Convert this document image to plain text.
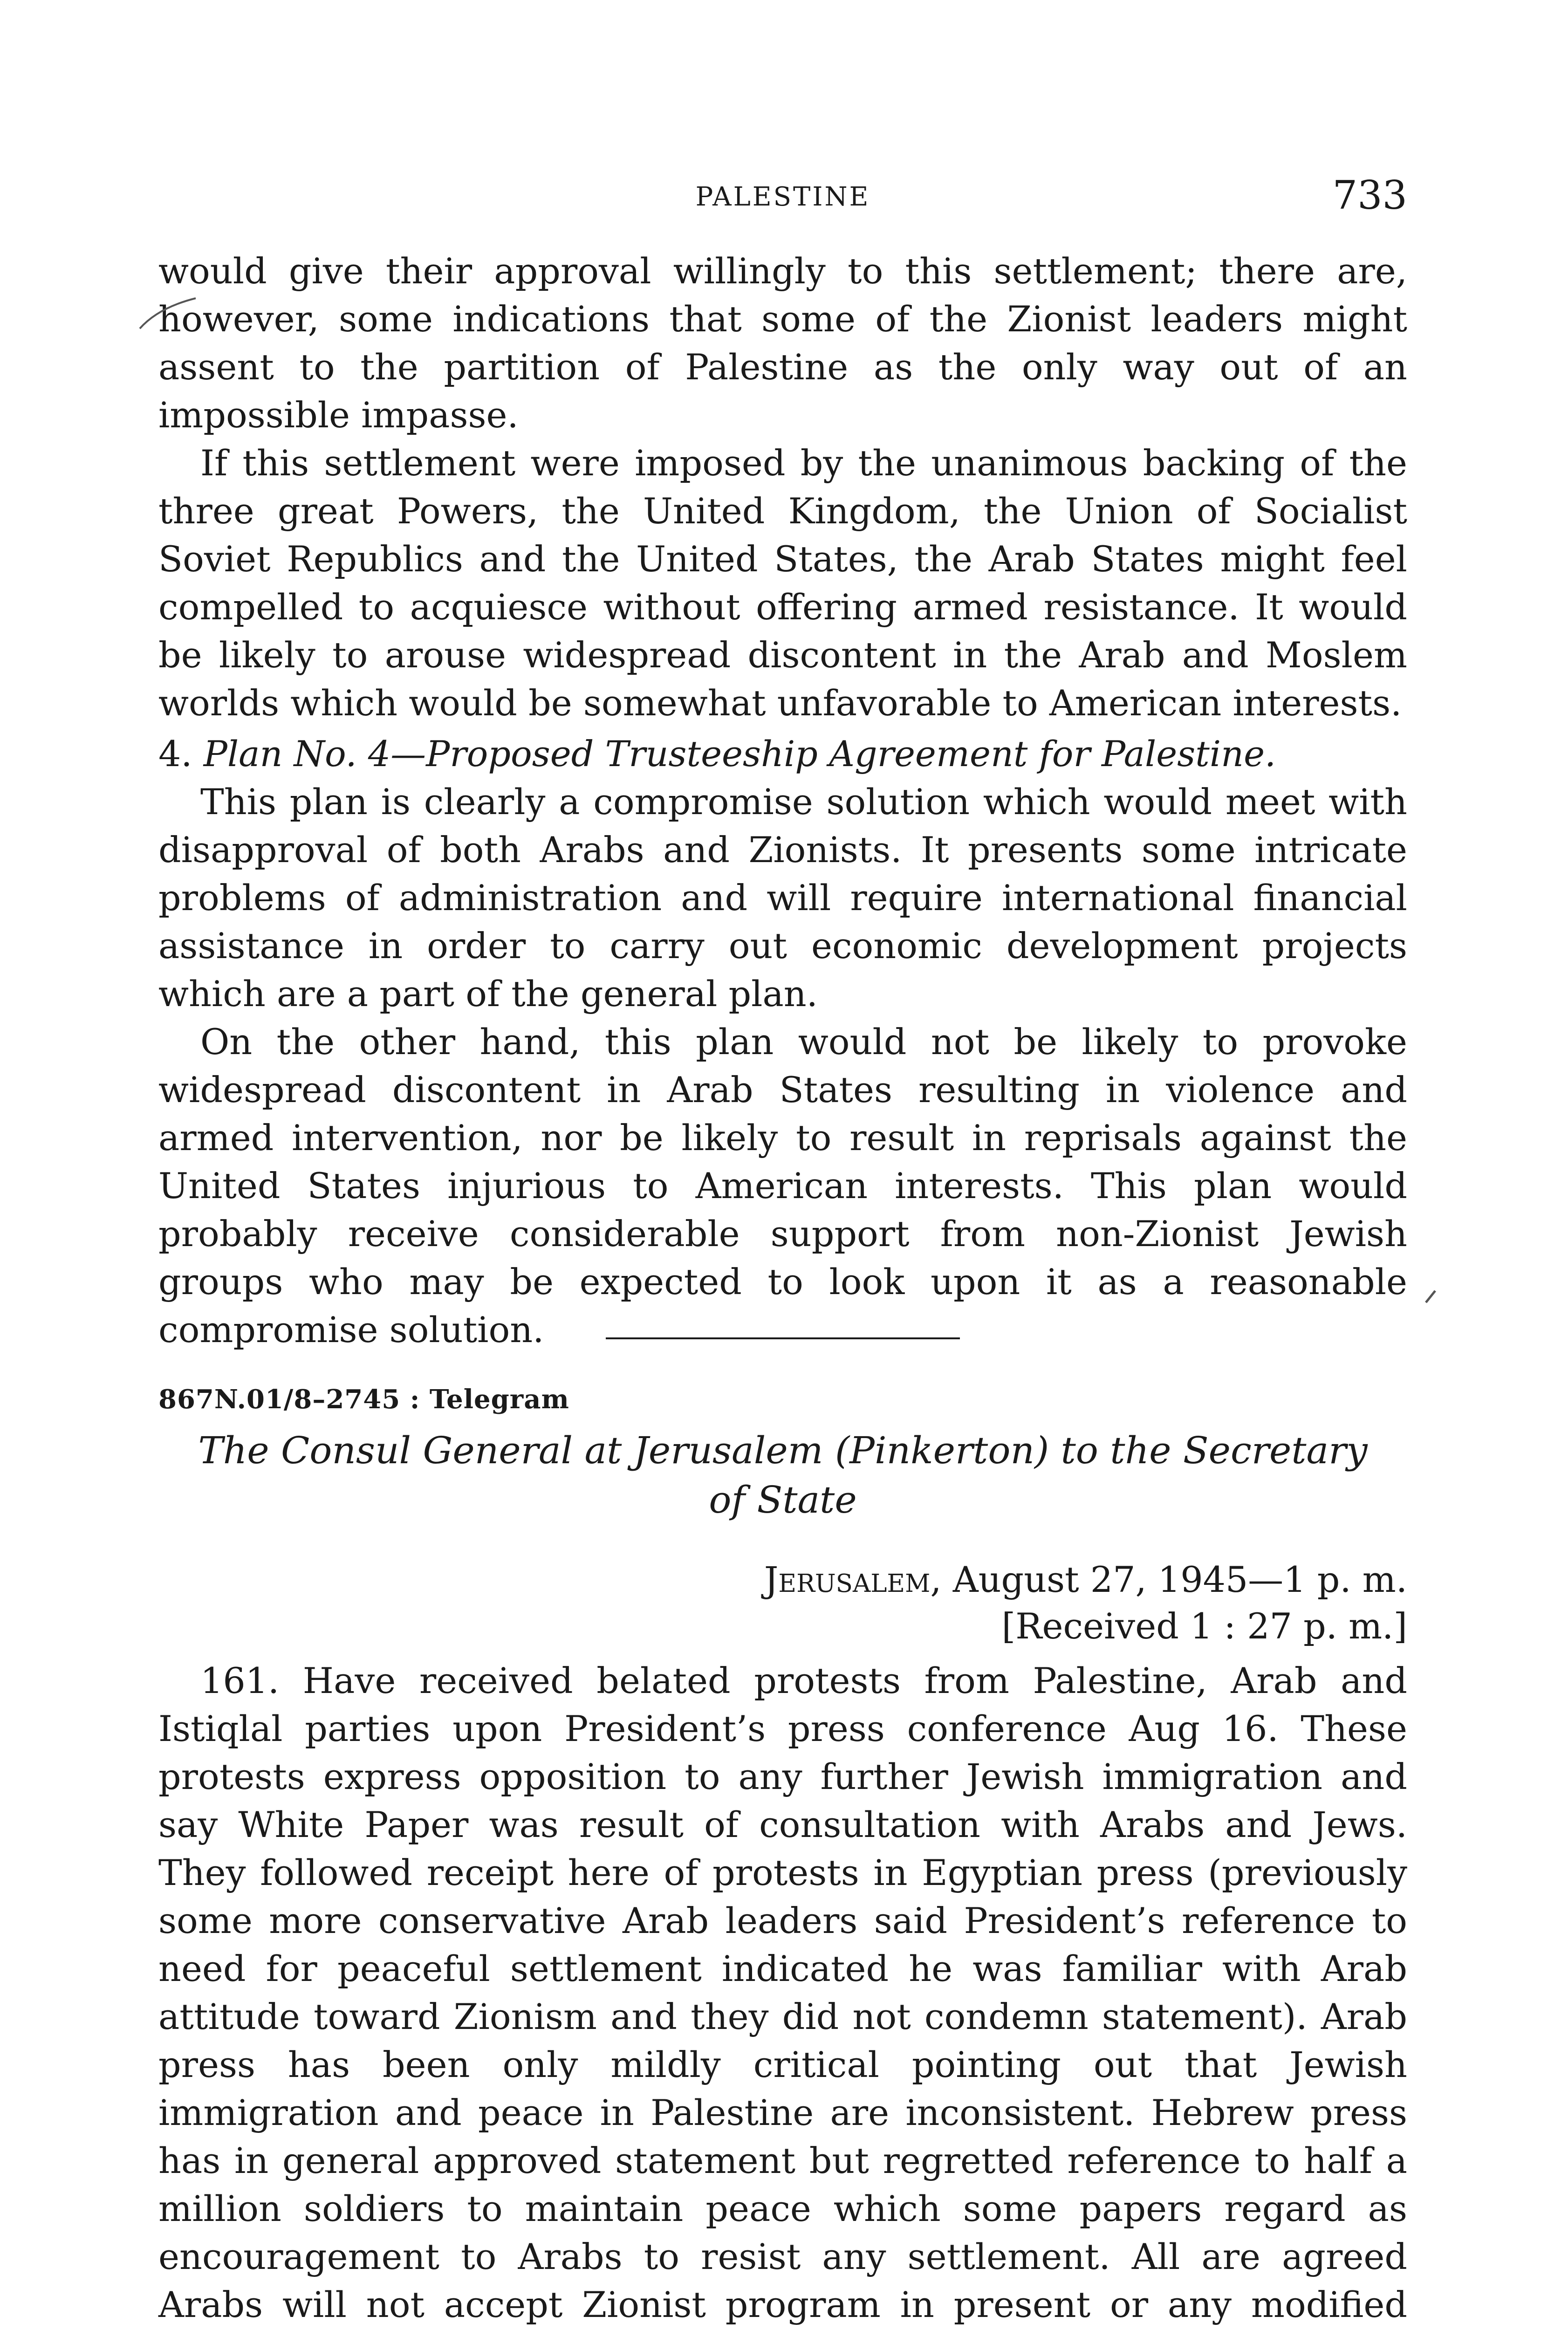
PALESTINE	733

would give their approval willingly to this settlement; there are, however, some indications that some of the Zionist leaders might assent to the partition of Palestine as the only way out of an impossible impasse.

If this settlement were imposed by the unanimous backing of the three great Powers, the United Kingdom, the Union of Socialist Soviet Republics and the United States, the Arab States might feel compelled to acquiesce without offering armed resistance. It would be likely to arouse widespread discontent in the Arab and Moslem worlds which would be somewhat unfavorable to American interests.

4. Plan No. 4—Proposed Trusteeship Agreement for Palestine.

This plan is clearly a compromise solution which would meet with disapproval of both Arabs and Zionists. It presents some intricate problems of administration and will require international financial assistance in order to carry out economic development projects which are a part of the general plan.

On the other hand, this plan would not be likely to provoke widespread discontent in Arab States resulting in violence and armed intervention, nor be likely to result in reprisals against the United States injurious to American interests. This plan would probably receive considerable support from non-Zionist Jewish groups who may be expected to look upon it as a reasonable compromise solution.

867N.01/8–2745 : Telegram
The Consul General at Jerusalem (Pinkerton) to the Secretary
of State
Jerusalem, August 27, 1945—1 p. m.
[Received 1 : 27 p. m.]

161. Have received belated protests from Palestine, Arab and Istiqlal parties upon President’s press conference Aug 16. These protests express opposition to any further Jewish immigration and say White Paper was result of consultation with Arabs and Jews. They followed receipt here of protests in Egyptian press (previously some more conservative Arab leaders said President’s reference to need for peaceful settlement indicated he was familiar with Arab attitude toward Zionism and they did not condemn statement). Arab press has been only mildly critical pointing out that Jewish immigration and peace in Palestine are inconsistent. Hebrew press has in general approved statement but regretted reference to half a million soldiers to maintain peace which some papers regard as encouragement to Arabs to resist any settlement. All are agreed Arabs will not accept Zionist program in present or any modified
